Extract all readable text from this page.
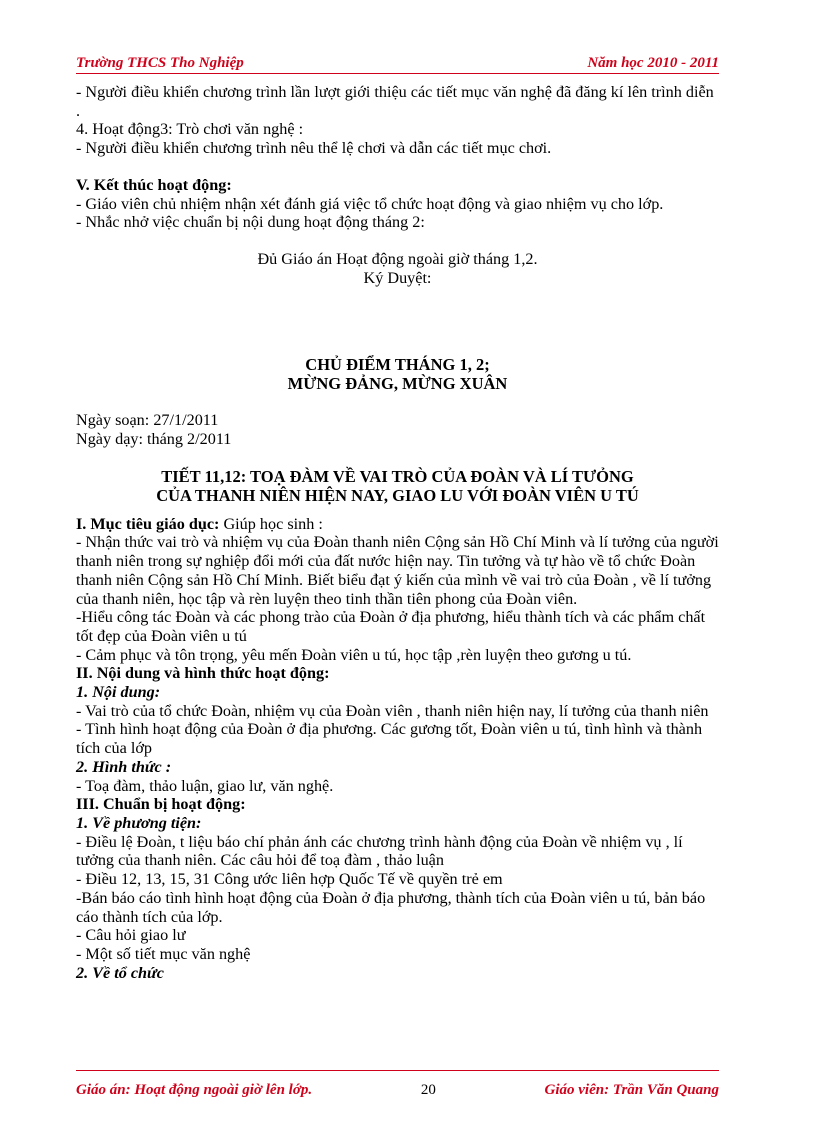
Trường THCS Tho Nghiệp	Năm học 2010 - 2011

- Người điều khiển chương trình lần lượt giới thiệu các tiết mục văn nghệ đã đăng kí lên trình diễn .

4. Hoạt động3: Trò chơi văn nghệ :

- Người điều khiển chương trình nêu thể lệ chơi và dẫn các tiết mục chơi.

V. Kết thúc hoạt động:

- Giáo viên chủ nhiệm nhận xét đánh giá việc tổ chức hoạt động và giao nhiệm vụ cho lớp.

- Nhắc nhở việc chuẩn bị nội dung hoạt động tháng 2:

Đủ Giáo án Hoạt động ngoài giờ tháng 1,2.

Ký Duyệt:

CHỦ ĐIỂM THÁNG 1, 2;

MỪNG ĐẢNG, MỪNG XUÂN

Ngày soạn: 27/1/2011

Ngày dạy: tháng 2/2011

TIẾT 11,12: TOẠ ĐÀM VỀ VAI TRÒ CỦA ĐOÀN VÀ LÍ TƯỎNG

CỦA THANH NIÊN HIỆN NAY, GIAO LU VỚI ĐOÀN VIÊN U TÚ

I. Mục tiêu giáo dục: Giúp học sinh :

- Nhận thức vai trò và nhiệm vụ của Đoàn thanh niên Cộng sản Hồ Chí Minh và lí tưởng của người thanh niên trong sự nghiệp đổi mới của đất nước hiện nay. Tin tưởng và tự hào về tổ chức Đoàn thanh niên Cộng sản Hồ Chí Minh. Biết biểu đạt ý kiến của mình về vai trò của Đoàn , về lí tưởng của thanh niên, học tập và rèn luyện theo tinh thần tiên phong của Đoàn viên.

-Hiểu công tác Đoàn và các phong trào của Đoàn ở địa phương, hiểu thành tích và các phẩm chất tốt đẹp của Đoàn viên u tú

- Cảm phục và tôn trọng, yêu mến Đoàn viên u tú, học tập ,rèn luyện theo gương u tú.

II. Nội dung và hình thức hoạt động:

1. Nội dung:

- Vai trò của tổ chức Đoàn, nhiệm vụ của Đoàn viên , thanh niên hiện nay, lí tưởng của thanh niên

- Tình hình hoạt động của Đoàn ở địa phương. Các gương tốt, Đoàn viên u tú, tình hình và thành tích của lớp

2. Hình thức :

- Toạ đàm, thảo luận, giao lư, văn nghệ.

III. Chuẩn bị hoạt động:

1. Về phương tiện:

- Điều lệ Đoàn, t liệu báo chí phản ánh các chương trình hành động của Đoàn về nhiệm vụ , lí tưởng của thanh niên. Các câu hỏi để toạ đàm , thảo luận

- Điều 12, 13, 15, 31 Công ước liên hợp Quốc Tế về quyền trẻ em

-Bán báo cáo tình hình hoạt động của Đoàn ở địa phương, thành tích của Đoàn viên u tú, bản báo cáo thành tích của lớp.

- Câu hỏi giao lư

- Một số tiết mục văn nghệ

2. Về tổ chức

Giáo án: Hoạt động ngoài giờ lên lớp.	20	Giáo viên: Trần Văn Quang
